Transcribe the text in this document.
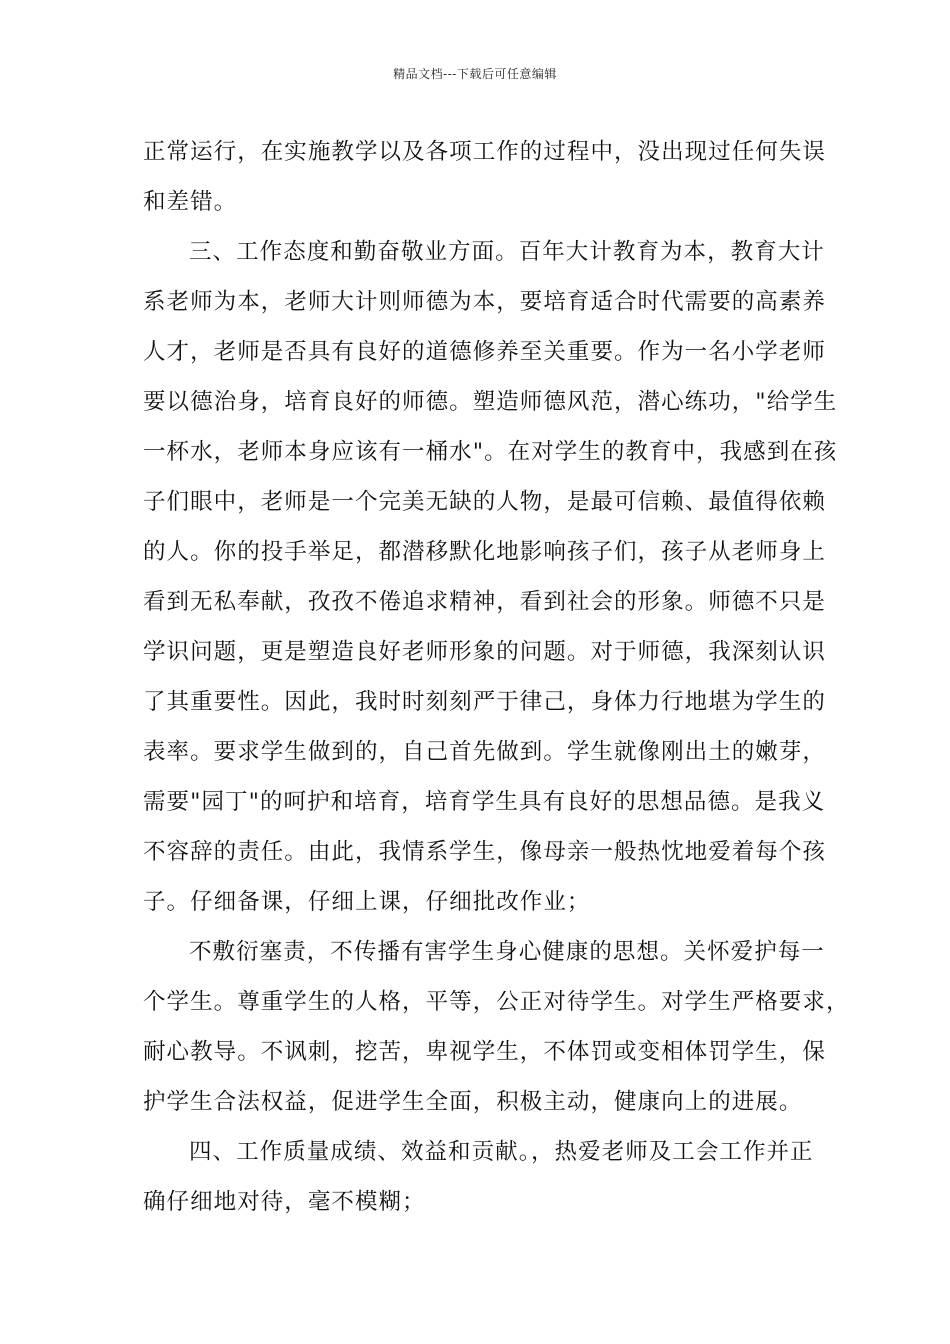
精品文档---下载后可任意编辑
正常运行，在实施教学以及各项工作的过程中，没出现过任何失误
和差错。
三、工作态度和勤奋敬业方面。百年大计教育为本，教育大计
系老师为本，老师大计则师德为本，要培育适合时代需要的高素养
人才，老师是否具有良好的道德修养至关重要。作为一名小学老师
要以德治身，培育良好的师德。塑造师德风范，潜心练功，"给学生
一杯水，老师本身应该有一桶水"。在对学生的教育中，我感到在孩
子们眼中，老师是一个完美无缺的人物，是最可信赖、最值得依赖
的人。你的投手举足，都潜移默化地影响孩子们，孩子从老师身上
看到无私奉献，孜孜不倦追求精神，看到社会的形象。师德不只是
学识问题，更是塑造良好老师形象的问题。对于师德，我深刻认识
了其重要性。因此，我时时刻刻严于律己，身体力行地堪为学生的
表率。要求学生做到的，自己首先做到。学生就像刚出土的嫩芽，
需要"园丁"的呵护和培育，培育学生具有良好的思想品德。是我义
不容辞的责任。由此，我情系学生，像母亲一般热忱地爱着每个孩
子。仔细备课，仔细上课，仔细批改作业；
不敷衍塞责，不传播有害学生身心健康的思想。关怀爱护每一
个学生。尊重学生的人格，平等，公正对待学生。对学生严格要求，
耐心教导。不讽刺，挖苦，卑视学生，不体罚或变相体罚学生，保
护学生合法权益，促进学生全面，积极主动，健康向上的进展。
四、工作质量成绩、效益和贡献。，热爱老师及工会工作并正
确仔细地对待，毫不模糊；
